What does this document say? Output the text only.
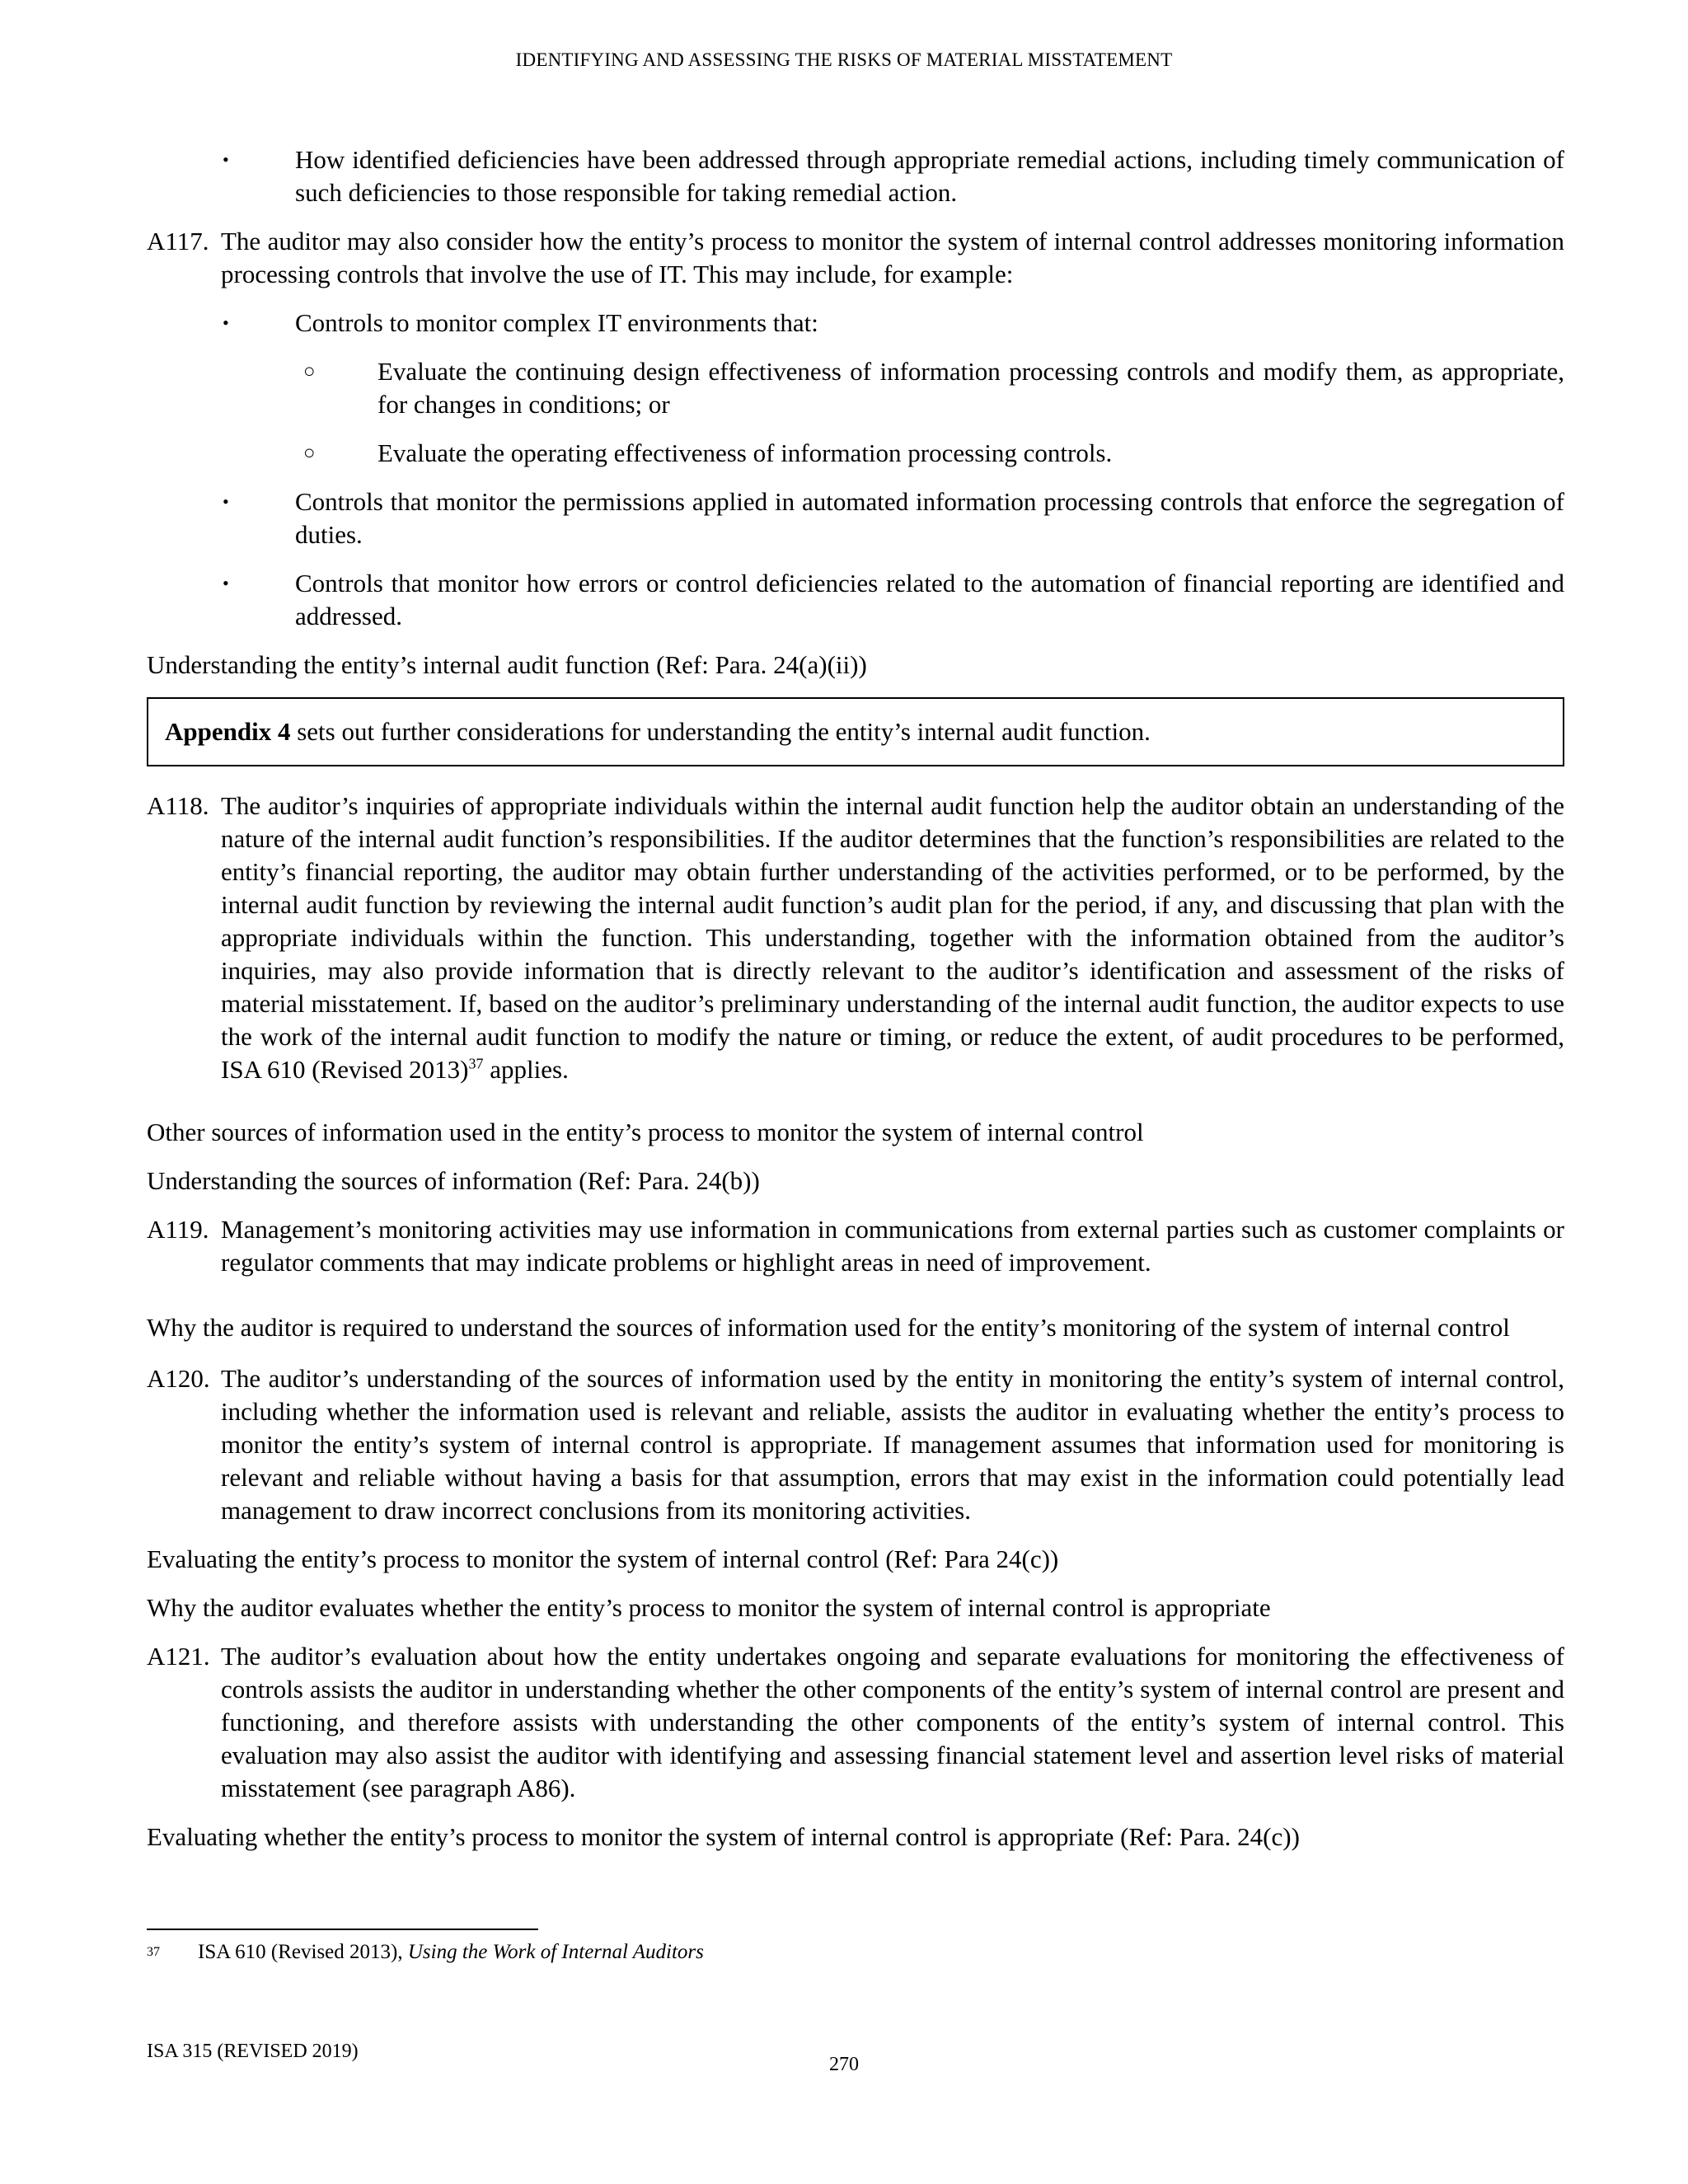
IDENTIFYING AND ASSESSING THE RISKS OF MATERIAL MISSTATEMENT
•	How identified deficiencies have been addressed through appropriate remedial actions, including timely communication of such deficiencies to those responsible for taking remedial action.
A117. The auditor may also consider how the entity’s process to monitor the system of internal control addresses monitoring information processing controls that involve the use of IT. This may include, for example:
•	Controls to monitor complex IT environments that:
○ Evaluate the continuing design effectiveness of information processing controls and modify them, as appropriate, for changes in conditions; or
○ Evaluate the operating effectiveness of information processing controls.
•	Controls that monitor the permissions applied in automated information processing controls that enforce the segregation of duties.
•	Controls that monitor how errors or control deficiencies related to the automation of financial reporting are identified and addressed.
Understanding the entity’s internal audit function (Ref: Para. 24(a)(ii))
Appendix 4 sets out further considerations for understanding the entity’s internal audit function.
A118. The auditor’s inquiries of appropriate individuals within the internal audit function help the auditor obtain an understanding of the nature of the internal audit function’s responsibilities. If the auditor determines that the function’s responsibilities are related to the entity’s financial reporting, the auditor may obtain further understanding of the activities performed, or to be performed, by the internal audit function by reviewing the internal audit function’s audit plan for the period, if any, and discussing that plan with the appropriate individuals within the function. This understanding, together with the information obtained from the auditor’s inquiries, may also provide information that is directly relevant to the auditor’s identification and assessment of the risks of material misstatement. If, based on the auditor’s preliminary understanding of the internal audit function, the auditor expects to use the work of the internal audit function to modify the nature or timing, or reduce the extent, of audit procedures to be performed, ISA 610 (Revised 2013)$^{37}$ applies.
Other sources of information used in the entity’s process to monitor the system of internal control
Understanding the sources of information (Ref: Para. 24(b))
A119. Management’s monitoring activities may use information in communications from external parties such as customer complaints or regulator comments that may indicate problems or highlight areas in need of improvement.
Why the auditor is required to understand the sources of information used for the entity’s monitoring of the system of internal control
A120. The auditor’s understanding of the sources of information used by the entity in monitoring the entity’s system of internal control, including whether the information used is relevant and reliable, assists the auditor in evaluating whether the entity’s process to monitor the entity’s system of internal control is appropriate. If management assumes that information used for monitoring is relevant and reliable without having a basis for that assumption, errors that may exist in the information could potentially lead management to draw incorrect conclusions from its monitoring activities.
Evaluating the entity’s process to monitor the system of internal control (Ref: Para 24(c))
Why the auditor evaluates whether the entity’s process to monitor the system of internal control is appropriate
A121. The auditor’s evaluation about how the entity undertakes ongoing and separate evaluations for monitoring the effectiveness of controls assists the auditor in understanding whether the other components of the entity’s system of internal control are present and functioning, and therefore assists with understanding the other components of the entity’s system of internal control. This evaluation may also assist the auditor with identifying and assessing financial statement level and assertion level risks of material misstatement (see paragraph A86).
Evaluating whether the entity’s process to monitor the system of internal control is appropriate (Ref: Para. 24(c))
37 ISA 610 (Revised 2013), Using the Work of Internal Auditors
ISA 315 (REVISED 2019)
270
